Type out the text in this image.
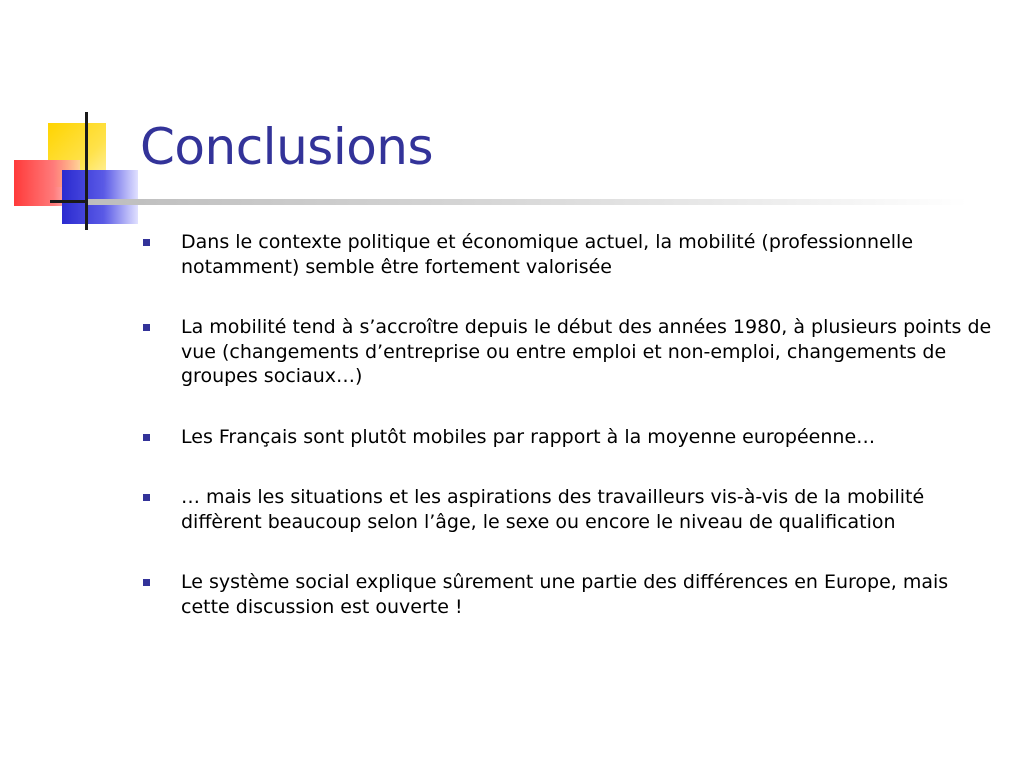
Conclusions
Dans le contexte politique et économique actuel, la mobilité (professionnelle notamment) semble être fortement valorisée
La mobilité tend à s’accroître depuis le début des années 1980, à plusieurs points de vue (changements d’entreprise ou entre emploi et non-emploi, changements de groupes sociaux…)
Les Français sont plutôt mobiles par rapport à la moyenne européenne…
… mais les situations et les aspirations des travailleurs vis-à-vis de la mobilité diffèrent beaucoup selon l’âge, le sexe ou encore le niveau de qualification
Le système social explique sûrement une partie des différences en Europe, mais cette discussion est ouverte !
